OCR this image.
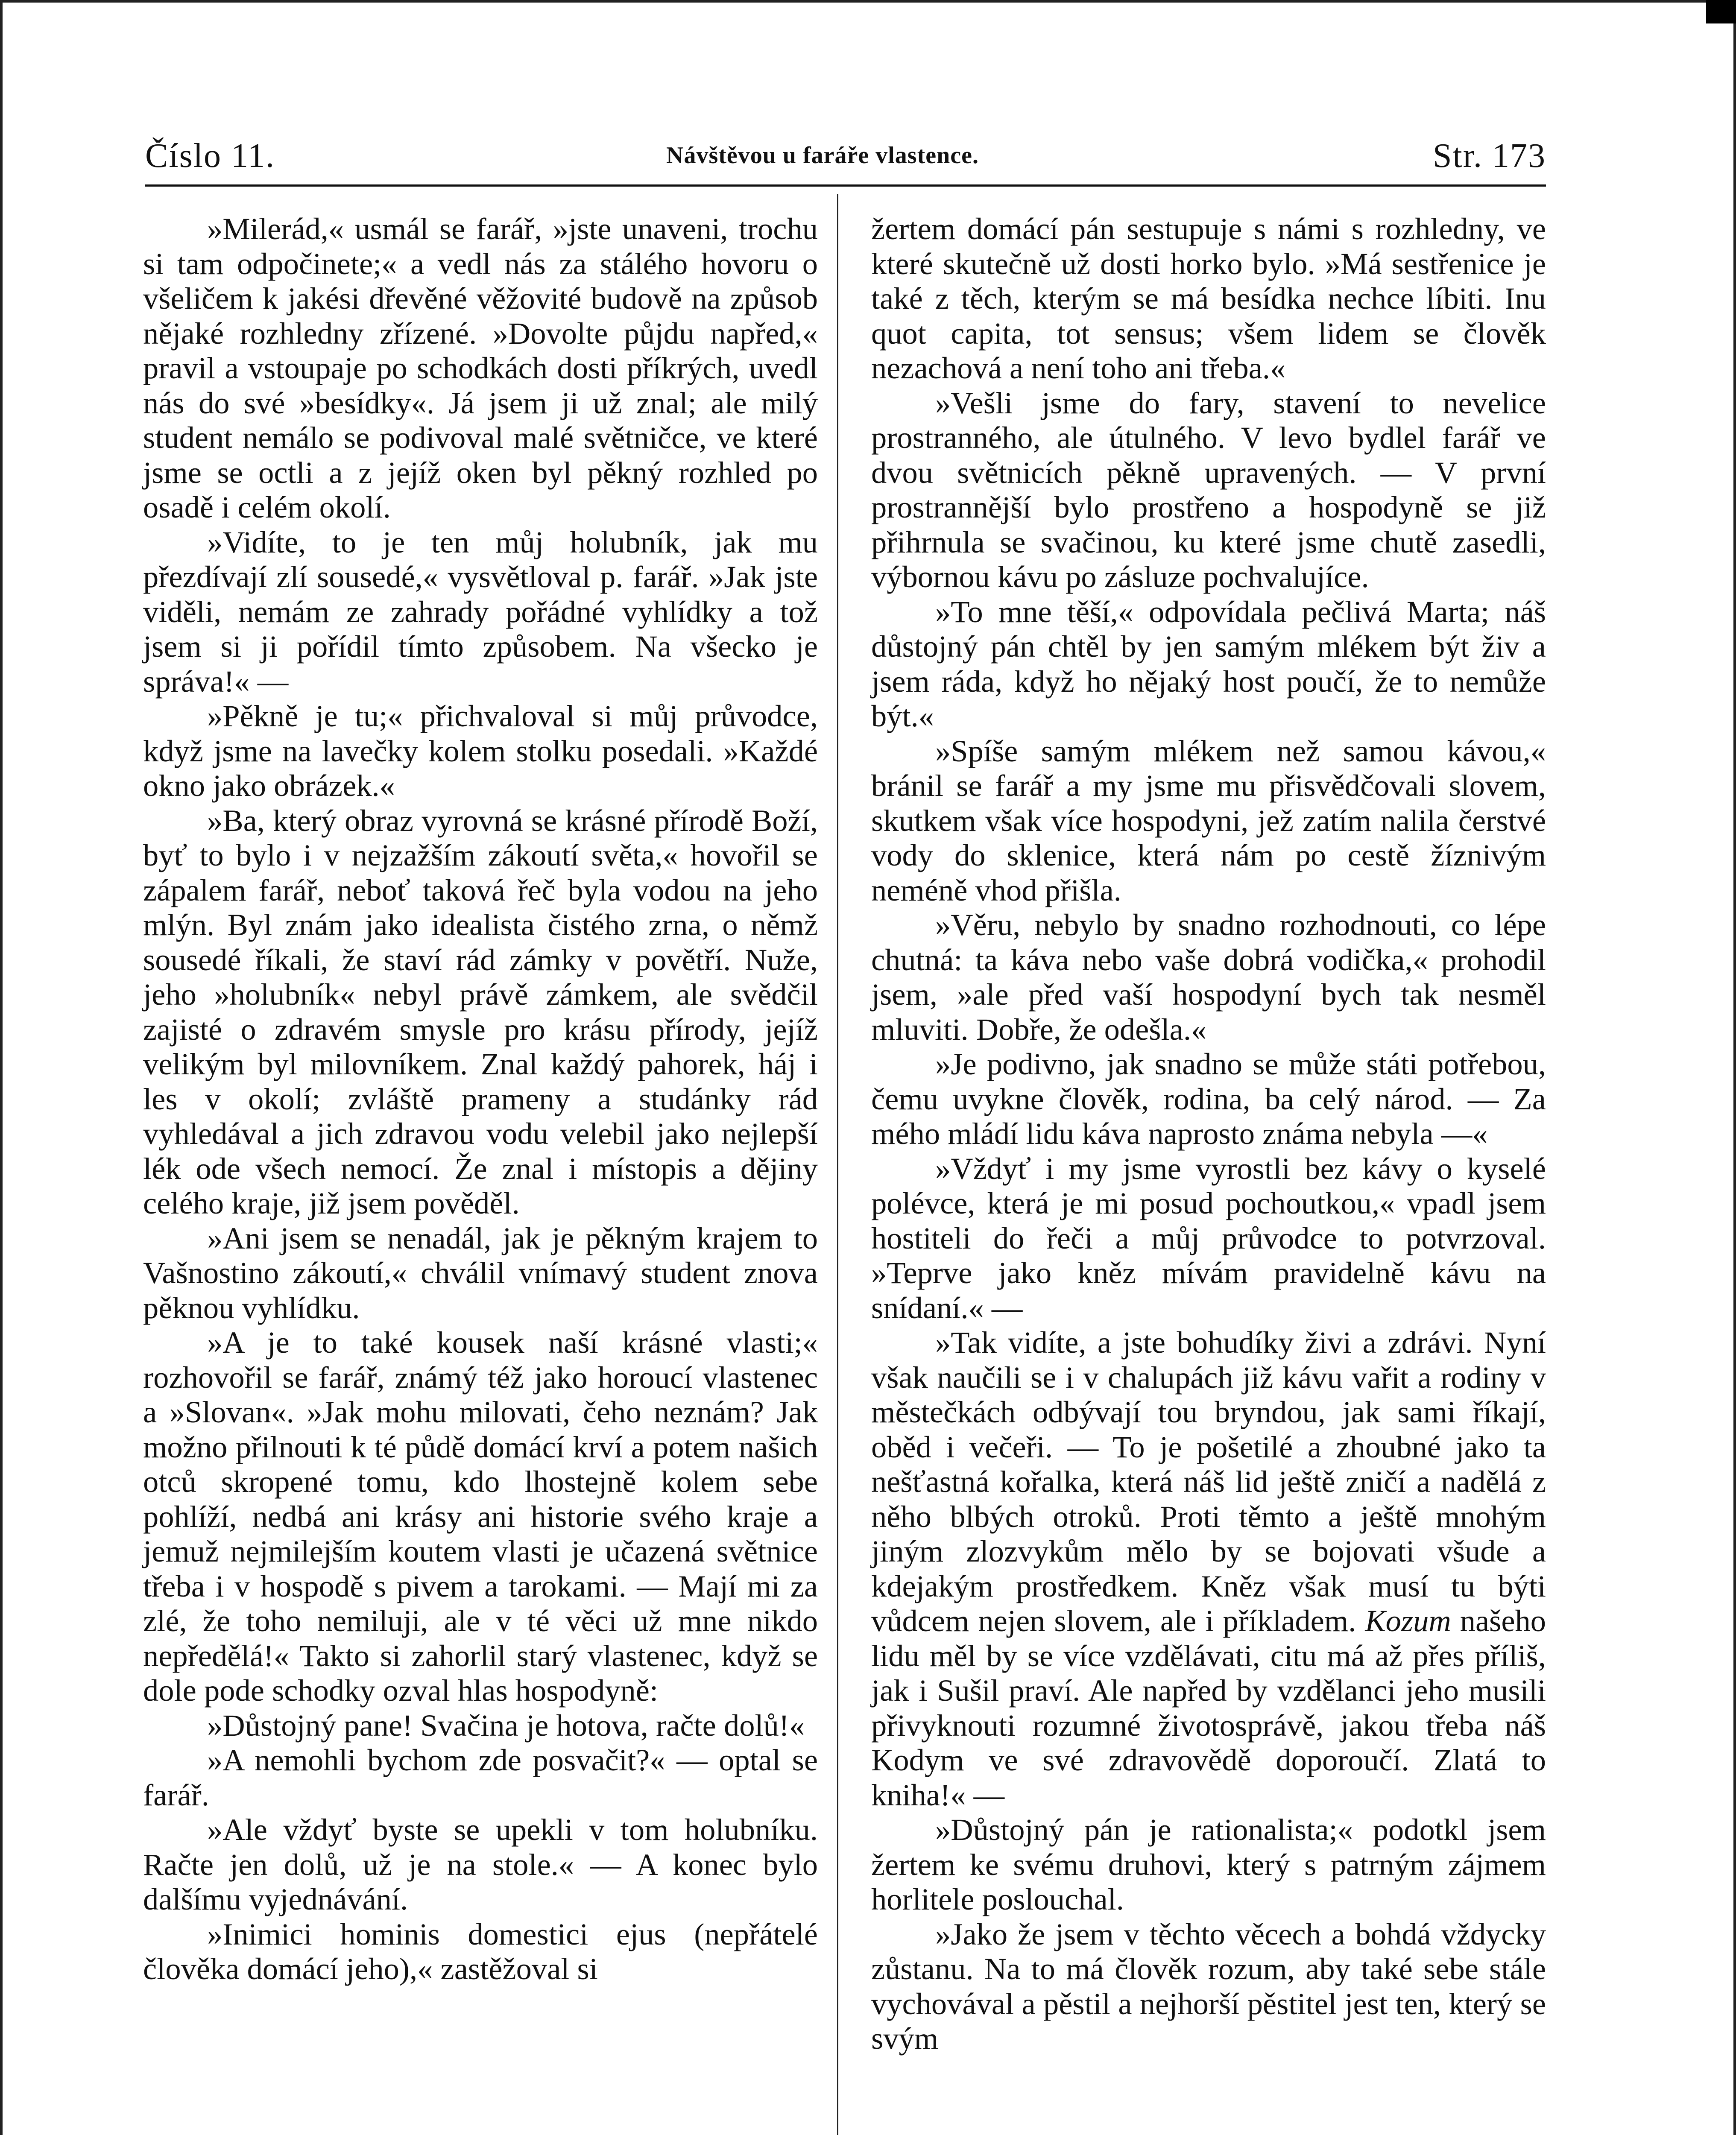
Číslo 11.	Návštěvou u faráře vlastence.	Str. 173

»Milerád,« usmál se farář, »jste unaveni, trochu si tam odpočinete;« a vedl nás za stálého hovoru o všeličem k jakési dřevěné věžovité budově na způsob nějaké rozhledny zřízené. »Dovolte půjdu napřed,« pravil a vstoupaje po schodkách dosti příkrých, uvedl nás do své »besídky«. Já jsem ji už znal; ale milý student nemálo se podivoval malé světničce, ve které jsme se octli a z jejíž oken byl pěkný rozhled po osadě i celém okolí.

»Vidíte, to je ten můj holubník, jak mu přezdívají zlí sousedé,« vysvětloval p. farář. »Jak jste viděli, nemám ze zahrady pořádné vyhlídky a tož jsem si ji pořídil tímto způsobem. Na všecko je správa!« —

»Pěkně je tu;« přichvaloval si můj průvodce, když jsme na lavečky kolem stolku posedali. »Každé okno jako obrázek.«

»Ba, který obraz vyrovná se krásné přírodě Boží, byť to bylo i v nejzažším zákoutí světa,« hovořil se zápalem farář, neboť taková řeč byla vodou na jeho mlýn. Byl znám jako idealista čistého zrna, o němž sousedé říkali, že staví rád zámky v povětří. Nuže, jeho »holubník« nebyl právě zámkem, ale svědčil zajisté o zdravém smysle pro krásu přírody, jejíž velikým byl milovníkem. Znal každý pahorek, háj i les v okolí; zvláště prameny a studánky rád vyhledával a jich zdravou vodu velebil jako nejlepší lék ode všech nemocí. Že znal i místopis a dějiny celého kraje, již jsem pověděl.

»Ani jsem se nenadál, jak je pěkným krajem to Vašnostino zákoutí,« chválil vnímavý student znova pěknou vyhlídku.

»A je to také kousek naší krásné vlasti;« rozhovořil se farář, známý též jako horoucí vlastenec a »Slovan«. »Jak mohu milovati, čeho neznám? Jak možno přilnouti k té půdě domácí krví a potem našich otců skropené tomu, kdo lhostejně kolem sebe pohlíží, nedbá ani krásy ani historie svého kraje a jemuž nejmilejším koutem vlasti je učazená světnice třeba i v hospodě s pivem a tarokami. — Mají mi za zlé, že toho nemiluji, ale v té věci už mne nikdo nepředělá!« Takto si zahorlil starý vlastenec, když se dole pode schodky ozval hlas hospodyně:

»Důstojný pane! Svačina je hotova, račte dolů!«

»A nemohli bychom zde posvačit?« — optal se farář.

»Ale vždyť byste se upekli v tom holubníku. Račte jen dolů, už je na stole.« — A konec bylo dalšímu vyjednávání.

»Inimici hominis domestici ejus (nepřátelé člověka domácí jeho),« zastěžoval si

žertem domácí pán sestupuje s námi s rozhledny, ve které skutečně už dosti horko bylo. »Má sestřenice je také z těch, kterým se má besídka nechce líbiti. Inu quot capita, tot sensus; všem lidem se člověk nezachová a není toho ani třeba.«

»Vešli jsme do fary, stavení to nevelice prostranného, ale útulného. V levo bydlel farář ve dvou světnicích pěkně upravených. — V první prostrannější bylo prostřeno a hospodyně se již přihrnula se svačinou, ku které jsme chutě zasedli, výbornou kávu po zásluze pochvalujíce.

»To mne těší,« odpovídala pečlivá Marta; náš důstojný pán chtěl by jen samým mlékem být živ a jsem ráda, když ho nějaký host poučí, že to nemůže být.«

»Spíše samým mlékem než samou kávou,« bránil se farář a my jsme mu přisvědčovali slovem, skutkem však více hospodyni, jež zatím nalila čerstvé vody do sklenice, která nám po cestě žíznivým neméně vhod přišla.

»Věru, nebylo by snadno rozhodnouti, co lépe chutná: ta káva nebo vaše dobrá vodička,« prohodil jsem, »ale před vaší hospodyní bych tak nesměl mluviti. Dobře, že odešla.«

»Je podivno, jak snadno se může státi potřebou, čemu uvykne člověk, rodina, ba celý národ. — Za mého mládí lidu káva naprosto známa nebyla —«

»Vždyť i my jsme vyrostli bez kávy o kyselé polévce, která je mi posud pochoutkou,« vpadl jsem hostiteli do řeči a můj průvodce to potvrzoval. »Teprve jako kněz mívám pravidelně kávu na snídaní.« —

»Tak vidíte, a jste bohudíky živi a zdrávi. Nyní však naučili se i v chalupách již kávu vařit a rodiny v městečkách odbývají tou bryndou, jak sami říkají, oběd i večeři. — To je pošetilé a zhoubné jako ta nešťastná kořalka, která náš lid ještě zničí a nadělá z něho blbých otroků. Proti těmto a ještě mnohým jiným zlozvykům mělo by se bojovati všude a kdejakým prostředkem. Kněz však musí tu býti vůdcem nejen slovem, ale i příkladem. Kozum našeho lidu měl by se více vzdělávati, citu má až přes příliš, jak i Sušil praví. Ale napřed by vzdělanci jeho musili přivyknouti rozumné životosprávě, jakou třeba náš Kodym ve své zdravovědě doporoučí. Zlatá to kniha!« —

»Důstojný pán je rationalista;« podotkl jsem žertem ke svému druhovi, který s patrným zájmem horlitele poslouchal.

»Jako že jsem v těchto věcech a bohdá vždycky zůstanu. Na to má člověk rozum, aby také sebe stále vychovával a pěstil a nejhorší pěstitel jest ten, který se svým
